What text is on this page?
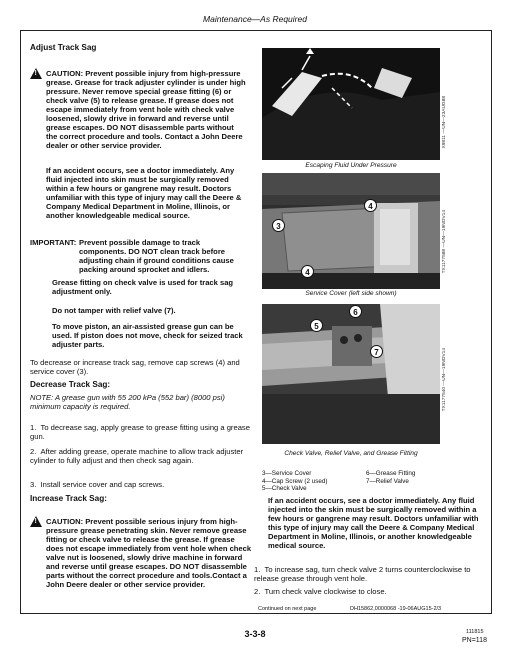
Maintenance—As Required
Adjust Track Sag
!
CAUTION: Prevent possible injury from high-pressure grease. Grease for track adjuster cylinder is under high pressure. Never remove special grease fitting (6) or check valve (5) to release grease. If grease does not escape immediately from vent hole with check valve loosened, slowly drive in forward and reverse until grease escapes. DO NOT disassemble parts without the correct procedure and tools. Contact a John Deere dealer or other service provider.
If an accident occurs, see a doctor immediately. Any fluid injected into skin must be surgically removed within a few hours or gangrene may result. Doctors unfamiliar with this type of injury may call the Deere & Company Medical Department in Moline, Illinois, or another knowledgeable medical source.
IMPORTANT: Prevent possible damage to track components. DO NOT clean track before adjusting chain if ground conditions cause packing around sprocket and idlers.
Grease fitting on check valve is used for track sag adjustment only.
Do not tamper with relief valve (7).
To move piston, an air-assisted grease gun can be used. If piston does not move, check for seized track adjuster parts.
To decrease or increase track sag, remove cap screws (4) and service cover (3).
Decrease Track Sag:
NOTE: A grease gun with 55 200 kPa (552 bar) (8000 psi) minimum capacity is required.
1.  To decrease sag, apply grease to grease fitting using a grease gun.
2.  After adding grease, operate machine to allow track adjuster cylinder to fully adjust and then check sag again.
3.  Install service cover and cap screws.
Increase Track Sag:
!
CAUTION: Prevent possible serious injury from high-pressure grease penetrating skin. Never remove grease fitting or check valve to release the grease. If grease does not escape immediately from vent hole when check valve nut is loosened, slowly drive machine in forward and reverse until grease escapes. DO NOT disassemble parts without the correct procedure and tools.Contact a John Deere dealer or other service provider.
X9811 —UN—23AUG88
Escaping Fluid Under Pressure
TX1177588 —UN—19NOV14
Service Cover (left side shown)
3
4
4
TX1177540 —UN—19NOV14
Check Valve, Relief Valve, and Grease Fitting
5
6
7
3—Service Cover
4—Cap Screw (2 used)
5—Check Valve
6—Grease Fitting
7—Relief Valve
If an accident occurs, see a doctor immediately. Any fluid injected into the skin must be surgically removed within a few hours or gangrene may result. Doctors unfamiliar with this type of injury may call the Deere & Company Medical Department in Moline, Illinois, or another knowledgeable medical source.
1.  To increase sag, turn check valve 2 turns counterclockwise to release grease through vent hole.
2.  Turn check valve clockwise to close.
Continued on next page	DH15862,0000068 -19-06AUG15-2/3
3-3-8	111815
PN=118
